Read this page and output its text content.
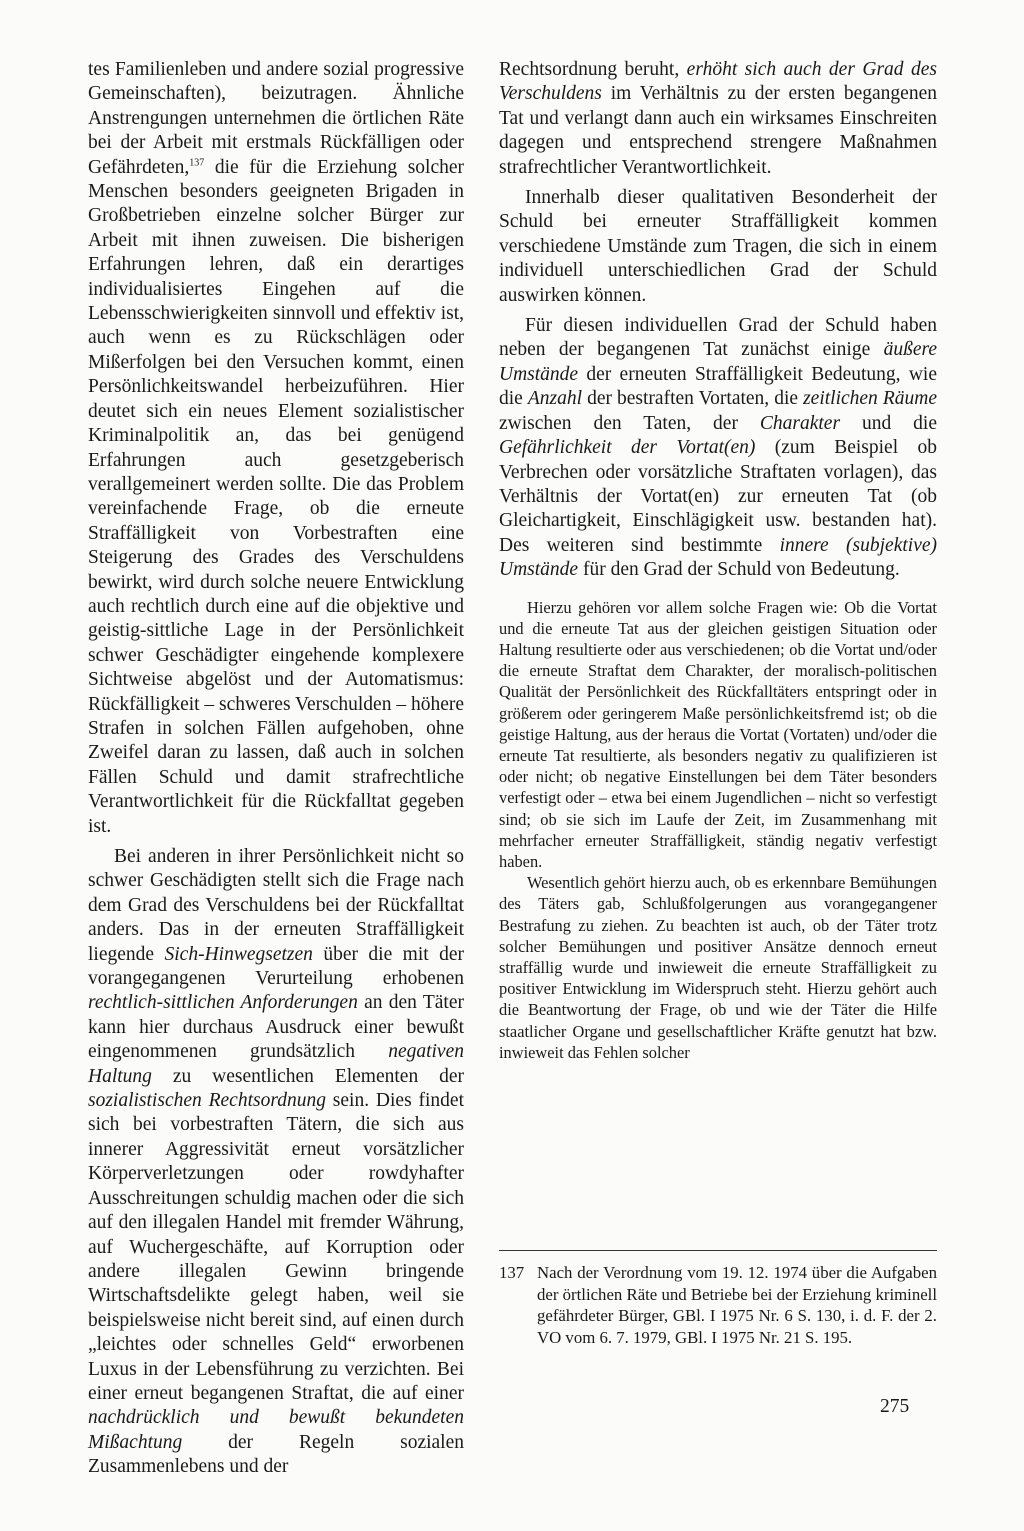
tes Familienleben und andere sozial progressive Gemeinschaften), beizutragen. Ähnliche Anstrengungen unternehmen die örtlichen Räte bei der Arbeit mit erstmals Rückfälligen oder Gefährdeten,$^{137}$ die für die Erziehung solcher Menschen besonders geeigneten Brigaden in Großbetrieben einzelne solcher Bürger zur Arbeit mit ihnen zuweisen. Die bisherigen Erfahrungen lehren, daß ein derartiges individualisiertes Eingehen auf die Lebensschwierigkeiten sinnvoll und effektiv ist, auch wenn es zu Rückschlägen oder Mißerfolgen bei den Versuchen kommt, einen Persönlichkeitswandel herbeizuführen. Hier deutet sich ein neues Element sozialistischer Kriminalpolitik an, das bei genügend Erfahrungen auch gesetzgeberisch verallgemeinert werden sollte. Die das Problem vereinfachende Frage, ob die erneute Straffälligkeit von Vorbestraften eine Steigerung des Grades des Verschuldens bewirkt, wird durch solche neuere Entwicklung auch rechtlich durch eine auf die objektive und geistig-sittliche Lage in der Persönlichkeit schwer Geschädigter eingehende komplexere Sichtweise abgelöst und der Automatismus: Rückfälligkeit – schweres Verschulden – höhere Strafen in solchen Fällen aufgehoben, ohne Zweifel daran zu lassen, daß auch in solchen Fällen Schuld und damit strafrechtliche Verantwortlichkeit für die Rückfalltat gegeben ist.

Bei anderen in ihrer Persönlichkeit nicht so schwer Geschädigten stellt sich die Frage nach dem Grad des Verschuldens bei der Rückfalltat anders. Das in der erneuten Straffälligkeit liegende Sich-Hinwegsetzen über die mit der vorangegangenen Verurteilung erhobenen rechtlich-sittlichen Anforderungen an den Täter kann hier durchaus Ausdruck einer bewußt eingenommenen grundsätzlich negativen Haltung zu wesentlichen Elementen der sozialistischen Rechtsordnung sein. Dies findet sich bei vorbestraften Tätern, die sich aus innerer Aggressivität erneut vorsätzlicher Körperverletzungen oder rowdyhafter Ausschreitungen schuldig machen oder die sich auf den illegalen Handel mit fremder Währung, auf Wuchergeschäfte, auf Korruption oder andere illegalen Gewinn bringende Wirtschaftsdelikte gelegt haben, weil sie beispielsweise nicht bereit sind, auf einen durch „leichtes oder schnelles Geld“ erworbenen Luxus in der Lebensführung zu verzichten. Bei einer erneut begangenen Straftat, die auf einer nachdrücklich und bewußt bekundeten Mißachtung der Regeln sozialen Zusammenlebens und der

Rechtsordnung beruht, erhöht sich auch der Grad des Verschuldens im Verhältnis zu der ersten begangenen Tat und verlangt dann auch ein wirksames Einschreiten dagegen und entsprechend strengere Maßnahmen strafrechtlicher Verantwortlichkeit.

Innerhalb dieser qualitativen Besonderheit der Schuld bei erneuter Straffälligkeit kommen verschiedene Umstände zum Tragen, die sich in einem individuell unterschiedlichen Grad der Schuld auswirken können.

Für diesen individuellen Grad der Schuld haben neben der begangenen Tat zunächst einige äußere Umstände der erneuten Straffälligkeit Bedeutung, wie die Anzahl der bestraften Vortaten, die zeitlichen Räume zwischen den Taten, der Charakter und die Gefährlichkeit der Vortat(en) (zum Beispiel ob Verbrechen oder vorsätzliche Straftaten vorlagen), das Verhältnis der Vortat(en) zur erneuten Tat (ob Gleichartigkeit, Einschlägigkeit usw. bestanden hat). Des weiteren sind bestimmte innere (subjektive) Umstände für den Grad der Schuld von Bedeutung.

Hierzu gehören vor allem solche Fragen wie: Ob die Vortat und die erneute Tat aus der gleichen geistigen Situation oder Haltung resultierte oder aus verschiedenen; ob die Vortat und/oder die erneute Straftat dem Charakter, der moralisch-politischen Qualität der Persönlichkeit des Rückfalltäters entspringt oder in größerem oder geringerem Maße persönlichkeitsfremd ist; ob die geistige Haltung, aus der heraus die Vortat (Vortaten) und/oder die erneute Tat resultierte, als besonders negativ zu qualifizieren ist oder nicht; ob negative Einstellungen bei dem Täter besonders verfestigt oder – etwa bei einem Jugendlichen – nicht so verfestigt sind; ob sie sich im Laufe der Zeit, im Zusammenhang mit mehrfacher erneuter Straffälligkeit, ständig negativ verfestigt haben.

Wesentlich gehört hierzu auch, ob es erkennbare Bemühungen des Täters gab, Schlußfolgerungen aus vorangegangener Bestrafung zu ziehen. Zu beachten ist auch, ob der Täter trotz solcher Bemühungen und positiver Ansätze dennoch erneut straffällig wurde und inwieweit die erneute Straffälligkeit zu positiver Entwicklung im Widerspruch steht. Hierzu gehört auch die Beantwortung der Frage, ob und wie der Täter die Hilfe staatlicher Organe und gesellschaftlicher Kräfte genutzt hat bzw. inwieweit das Fehlen solcher

137 Nach der Verordnung vom 19. 12. 1974 über die Aufgaben der örtlichen Räte und Betriebe bei der Erziehung kriminell gefährdeter Bürger, GBl. I 1975 Nr. 6 S. 130, i. d. F. der 2. VO vom 6. 7. 1979, GBl. I 1975 Nr. 21 S. 195.
275
